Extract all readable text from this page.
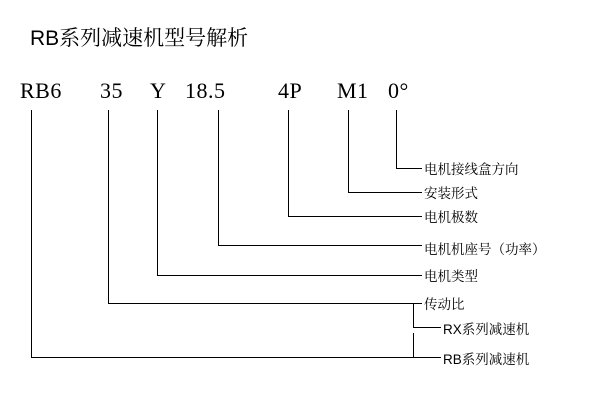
RB系列减速机型号解析
RB6 35 Y 18.5 4P M1 0°
电机接线盒方向
安装形式
电机极数
电机机座号（功率）
电机类型
传动比
RX系列减速机
RB系列减速机
